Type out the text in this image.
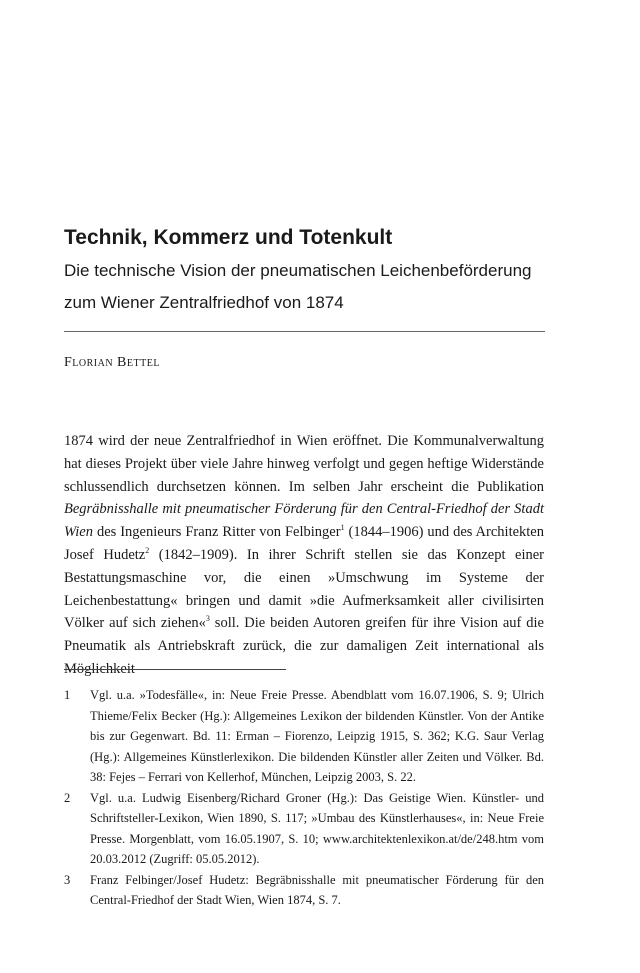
Technik, Kommerz und Totenkult

Die technische Vision der pneumatischen Leichenbeförderung

zum Wiener Zentralfriedhof von 1874

Florian Bettel
1874 wird der neue Zentralfriedhof in Wien eröffnet. Die Kommunalverwaltung hat dieses Projekt über viele Jahre hinweg verfolgt und gegen heftige Widerstände schlussendlich durchsetzen können. Im selben Jahr erscheint die Publikation Begräbnisshalle mit pneumatischer Förderung für den Central-Friedhof der Stadt Wien des Ingenieurs Franz Ritter von Felbinger$^1$ (1844–1906) und des Architekten Josef Hudetz$^2$ (1842–1909). In ihrer Schrift stellen sie das Konzept einer Bestattungsmaschine vor, die einen »Umschwung im Systeme der Leichenbestattung« bringen und damit »die Aufmerksamkeit aller civilisirten Völker auf sich ziehen«$^3$ soll. Die beiden Autoren greifen für ihre Vision auf die Pneumatik als Antriebskraft zurück, die zur damaligen Zeit international als Möglichkeit
1	Vgl. u.a. »Todesfälle«, in: Neue Freie Presse. Abendblatt vom 16.07.1906, S. 9; Ulrich Thieme/Felix Becker (Hg.): Allgemeines Lexikon der bildenden Künstler. Von der Antike bis zur Gegenwart. Bd. 11: Erman – Fiorenzo, Leipzig 1915, S. 362; K.G. Saur Verlag (Hg.): Allgemeines Künstlerlexikon. Die bildenden Künstler aller Zeiten und Völker. Bd. 38: Fejes – Ferrari von Kellerhof, München, Leipzig 2003, S. 22.
2	Vgl. u.a. Ludwig Eisenberg/Richard Groner (Hg.): Das Geistige Wien. Künstler- und Schriftsteller-Lexikon, Wien 1890, S. 117; »Umbau des Künstlerhauses«, in: Neue Freie Presse. Morgenblatt, vom 16.05.1907, S. 10; www.architektenlexikon.at/de/248.htm vom 20.03.2012 (Zugriff: 05.05.2012).
3	Franz Felbinger/Josef Hudetz: Begräbnisshalle mit pneumatischer Förderung für den Central-Friedhof der Stadt Wien, Wien 1874, S. 7.
